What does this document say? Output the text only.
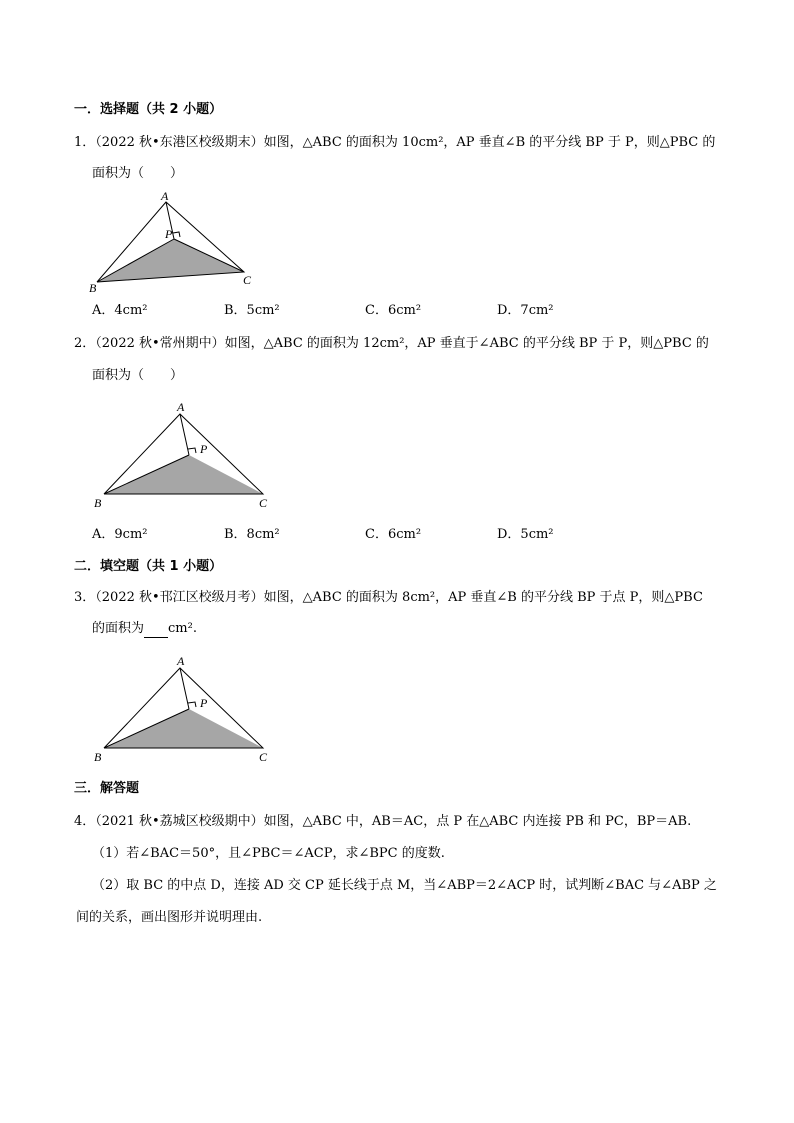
一．选择题（共 2 小题）
1．（2022 秋•东港区校级期末）如图，△ABC 的面积为 10cm²，AP 垂直∠B 的平分线 BP 于 P，则△PBC 的
面积为（　　）
A
P
B
C
A．4cm²	B．5cm²	C．6cm²	D．7cm²
2．（2022 秋•常州期中）如图，△ABC 的面积为 12cm²，AP 垂直于∠ABC 的平分线 BP 于 P，则△PBC 的
面积为（　　）
A
P
B	C
A．9cm²	B．8cm²	C．6cm²	D．5cm²
二．填空题（共 1 小题）
3．（2022 秋•邗江区校级月考）如图，△ABC 的面积为 8cm²，AP 垂直∠B 的平分线 BP 于点 P，则△PBC
的面积为 cm².
A
P
B	C
三．解答题
4．（2021 秋•荔城区校级期中）如图，△ABC 中，AB＝AC，点 P 在△ABC 内连接 PB 和 PC，BP＝AB.
（1）若∠BAC＝50°，且∠PBC＝∠ACP，求∠BPC 的度数.
（2）取 BC 的中点 D，连接 AD 交 CP 延长线于点 M，当∠ABP＝2∠ACP 时，试判断∠BAC 与∠ABP 之
间的关系，画出图形并说明理由.
